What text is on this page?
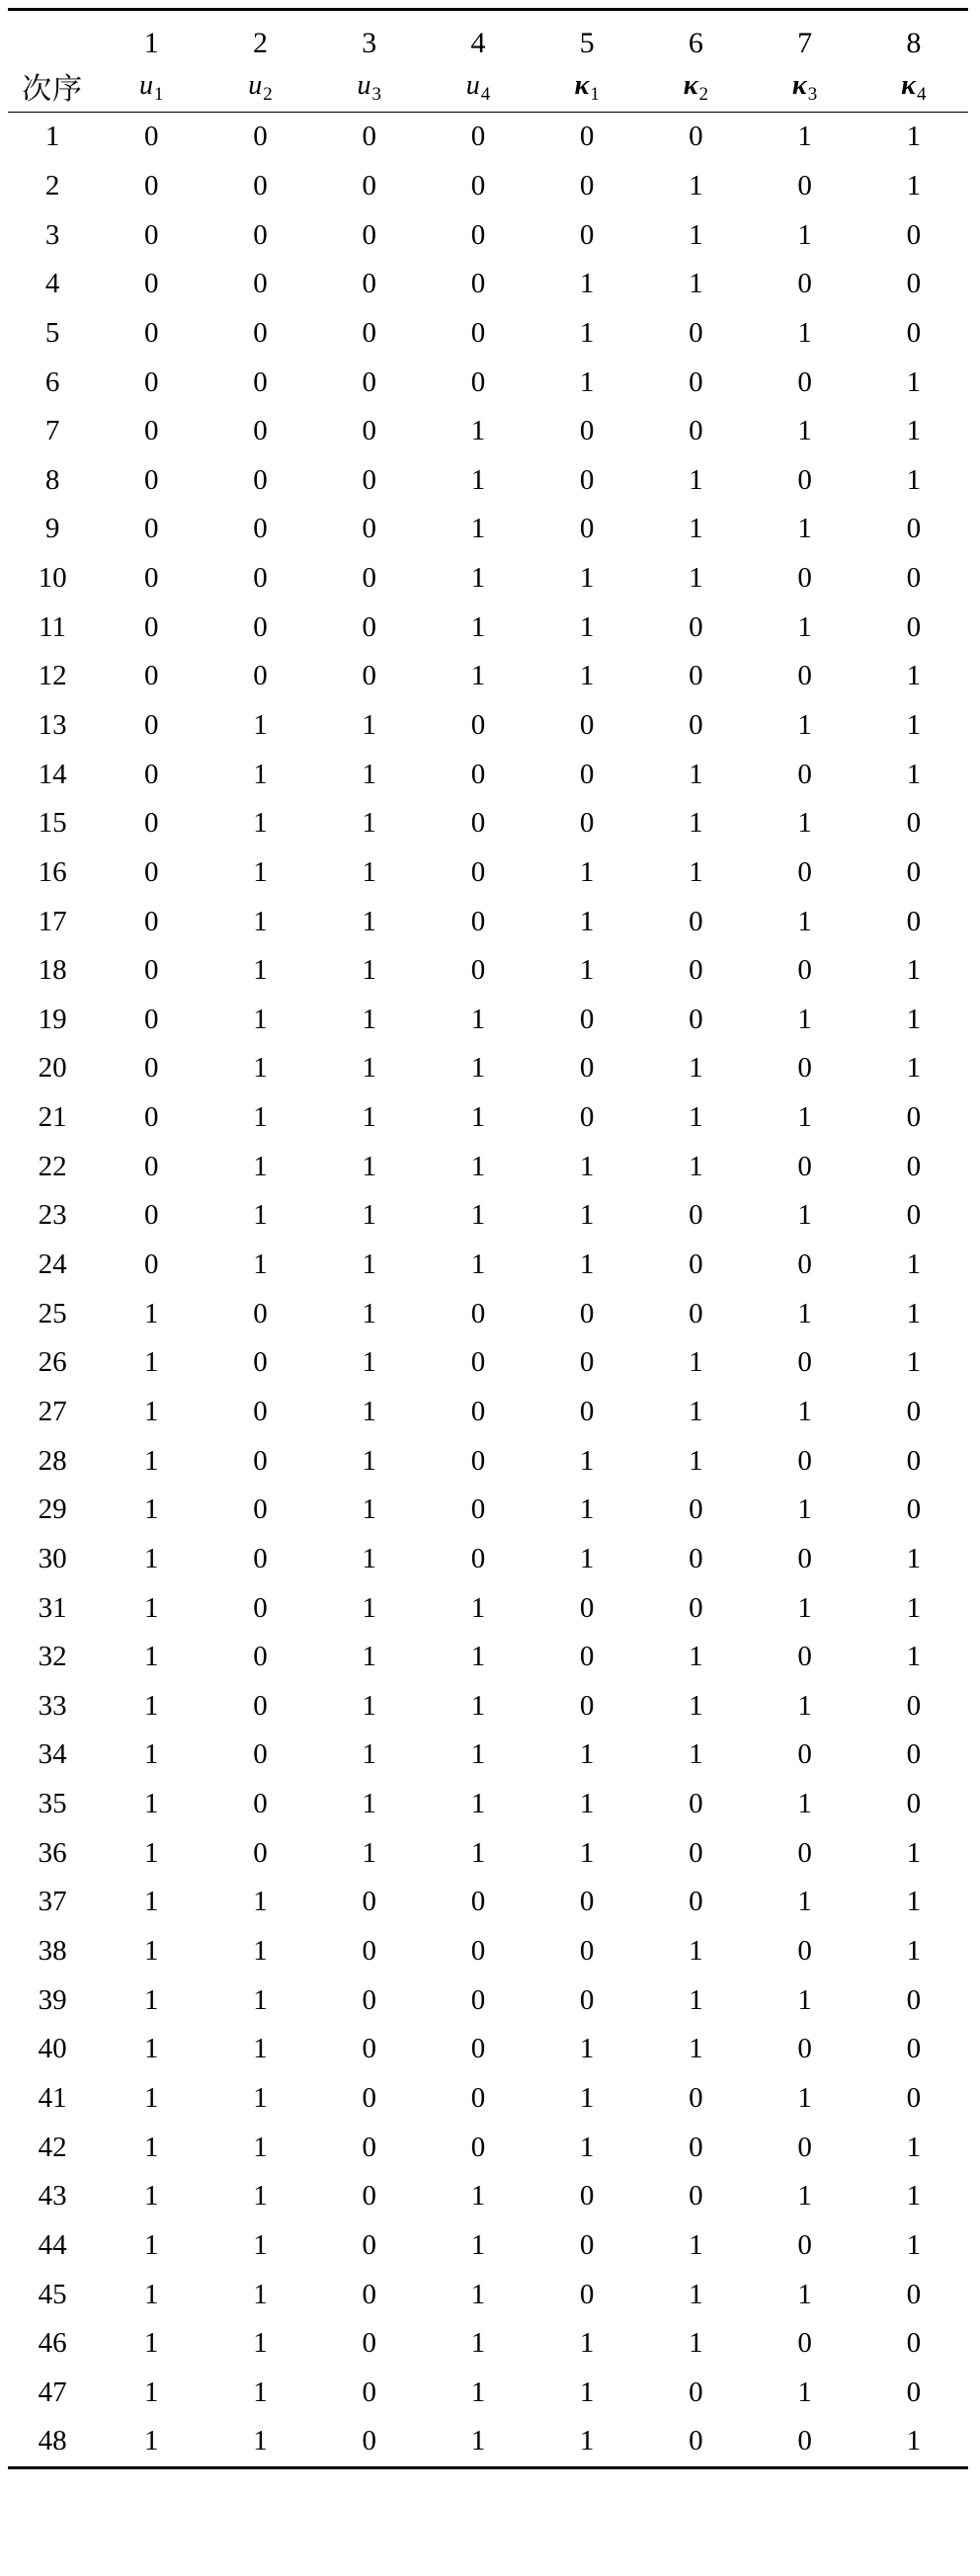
次序	1	2	3	4	5	6	7	8
	$u_1$	$u_2$	$u_3$	$u_4$	$\kappa_1$	$\kappa_2$	$\kappa_3$	$\kappa_4$
1	0	0	0	0	0	0	1	1
2	0	0	0	0	0	1	0	1
3	0	0	0	0	0	1	1	0
4	0	0	0	0	1	1	0	0
5	0	0	0	0	1	0	1	0
6	0	0	0	0	1	0	0	1
7	0	0	0	1	0	0	1	1
8	0	0	0	1	0	1	0	1
9	0	0	0	1	0	1	1	0
10	0	0	0	1	1	1	0	0
11	0	0	0	1	1	0	1	0
12	0	0	0	1	1	0	0	1
13	0	1	1	0	0	0	1	1
14	0	1	1	0	0	1	0	1
15	0	1	1	0	0	1	1	0
16	0	1	1	0	1	1	0	0
17	0	1	1	0	1	0	1	0
18	0	1	1	0	1	0	0	1
19	0	1	1	1	0	0	1	1
20	0	1	1	1	0	1	0	1
21	0	1	1	1	0	1	1	0
22	0	1	1	1	1	1	0	0
23	0	1	1	1	1	0	1	0
24	0	1	1	1	1	0	0	1
25	1	0	1	0	0	0	1	1
26	1	0	1	0	0	1	0	1
27	1	0	1	0	0	1	1	0
28	1	0	1	0	1	1	0	0
29	1	0	1	0	1	0	1	0
30	1	0	1	0	1	0	0	1
31	1	0	1	1	0	0	1	1
32	1	0	1	1	0	1	0	1
33	1	0	1	1	0	1	1	0
34	1	0	1	1	1	1	0	0
35	1	0	1	1	1	0	1	0
36	1	0	1	1	1	0	0	1
37	1	1	0	0	0	0	1	1
38	1	1	0	0	0	1	0	1
39	1	1	0	0	0	1	1	0
40	1	1	0	0	1	1	0	0
41	1	1	0	0	1	0	1	0
42	1	1	0	0	1	0	0	1
43	1	1	0	1	0	0	1	1
44	1	1	0	1	0	1	0	1
45	1	1	0	1	0	1	1	0
46	1	1	0	1	1	1	0	0
47	1	1	0	1	1	0	1	0
48	1	1	0	1	1	0	0	1
